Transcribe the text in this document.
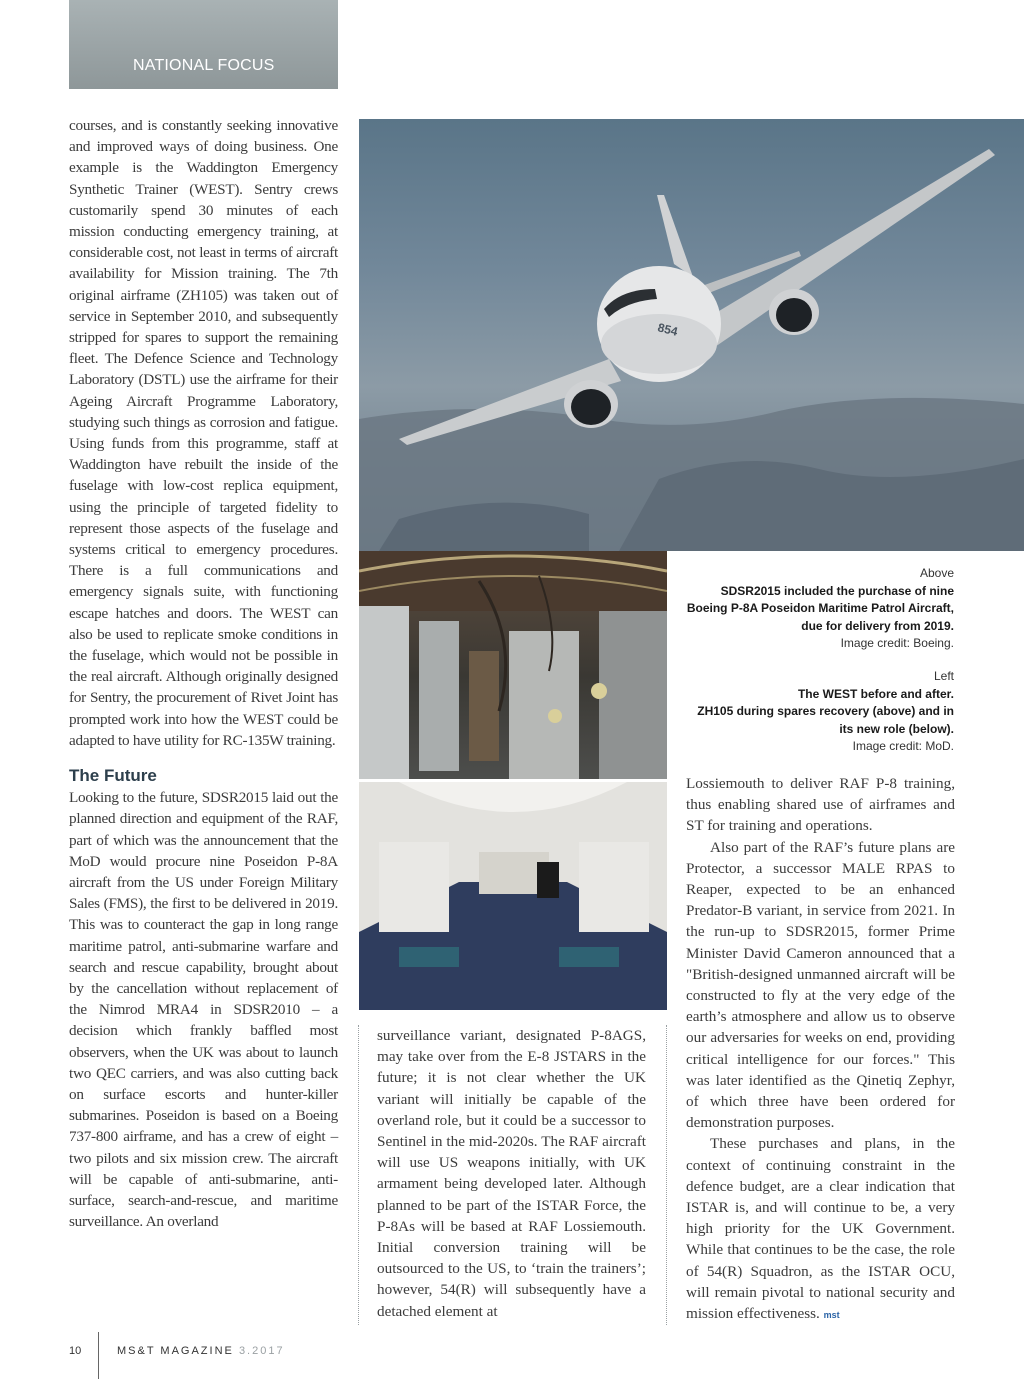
NATIONAL FOCUS

courses, and is constantly seeking innovative and improved ways of doing business. One example is the Waddington Emergency Synthetic Trainer (WEST). Sentry crews customarily spend 30 minutes of each mission conducting emergency training, at considerable cost, not least in terms of aircraft availability for Mission training. The 7th original airframe (ZH105) was taken out of service in September 2010, and subsequently stripped for spares to support the remaining fleet. The Defence Science and Technology Laboratory (DSTL) use the airframe for their Ageing Aircraft Programme Laboratory, studying such things as corrosion and fatigue. Using funds from this programme, staff at Waddington have rebuilt the inside of the fuselage with low-cost replica equipment, using the principle of targeted fidelity to represent those aspects of the fuselage and systems critical to emergency procedures. There is a full communications and emergency signals suite, with functioning escape hatches and doors. The WEST can also be used to replicate smoke conditions in the fuselage, which would not be possible in the real aircraft. Although originally designed for Sentry, the procurement of Rivet Joint has prompted work into how the WEST could be adapted to have utility for RC-135W training.

The Future

Looking to the future, SDSR2015 laid out the planned direction and equipment of the RAF, part of which was the announcement that the MoD would procure nine Poseidon P-8A aircraft from the US under Foreign Military Sales (FMS), the first to be delivered in 2019. This was to counteract the gap in long range maritime patrol, anti-submarine warfare and search and rescue capability, brought about by the cancellation without replacement of the Nimrod MRA4 in SDSR2010 – a decision which frankly baffled most observers, when the UK was about to launch two QEC carriers, and was also cutting back on surface escorts and hunter-killer submarines. Poseidon is based on a Boeing 737-800 airframe, and has a crew of eight – two pilots and six mission crew. The aircraft will be capable of anti-submarine, anti-surface, search-and-rescue, and maritime surveillance. An overland

854
Above
SDSR2015 included the purchase of nine Boeing P-8A Poseidon Maritime Patrol Aircraft, due for delivery from 2019.
Image credit: Boeing.
Left
The WEST before and after.
ZH105 during spares recovery (above) and in its new role (below).
Image credit: MoD.

surveillance variant, designated P-8AGS, may take over from the E-8 JSTARS in the future; it is not clear whether the UK variant will initially be capable of the overland role, but it could be a successor to Sentinel in the mid-2020s. The RAF aircraft will use US weapons initially, with UK armament being developed later. Although planned to be part of the ISTAR Force, the P-8As will be based at RAF Lossiemouth. Initial conversion training will be outsourced to the US, to ‘train the trainers’; however, 54(R) will subsequently have a detached element at

Lossiemouth to deliver RAF P-8 training, thus enabling shared use of airframes and ST for training and operations.

Also part of the RAF’s future plans are Protector, a successor MALE RPAS to Reaper, expected to be an enhanced Predator-B variant, in service from 2021. In the run-up to SDSR2015, former Prime Minister David Cameron announced that a "British-designed unmanned aircraft will be constructed to fly at the very edge of the earth’s atmosphere and allow us to observe our adversaries for weeks on end, providing critical intelligence for our forces." This was later identified as the Qinetiq Zephyr, of which three have been ordered for demonstration purposes.

These purchases and plans, in the context of continuing constraint in the defence budget, are a clear indication that ISTAR is, and will continue to be, a very high priority for the UK Government. While that continues to be the case, the role of 54(R) Squadron, as the ISTAR OCU, will remain pivotal to national security and mission effectiveness. mst

10	MS&T MAGAZINE 3.2017
